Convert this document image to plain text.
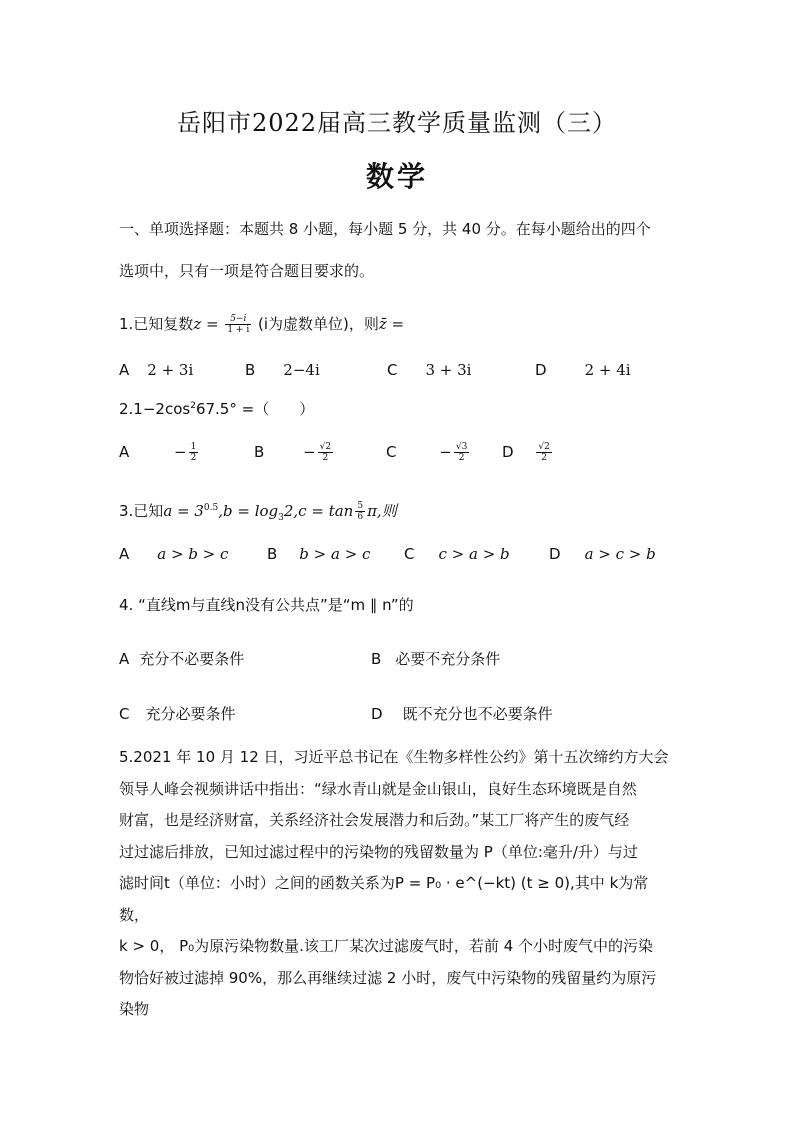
岳阳市2022届高三教学质量监测（三）
数学
一、单项选择题：本题共 8 小题，每小题 5 分，共 40 分。在每小题给出的四个
选项中，只有一项是符合题目要求的。
1.已知复数$z = \frac{5-i}{1 + i} (i$为虚数单位)，则z̄ =
A 2 + 3i	B 2−4i	C 3 + 3i	D	2 + 4i
$2.1-2\cos^267.5^\circ$ =（　　）
A	− $\frac{1}{2}$	B	− $\frac{√2}{2}$	C	− $\frac{√3}{2}$ D	$\frac{√2}{2}$
3.已知$a = 3^{0.5},b = \log_32,c = \tan \frac{5}{6} \pi$,则
A a > b > c	B b > a > c C c > a > b	D a > c > b
4. “直线m与直线n没有公共点”是“m ∥ n”的
A 充分不必要条件	B 必要不充分条件
C 充分必要条件	D 既不充分也不必要条件
5.2021 年 10 月 12 日，习近平总书记在《生物多样性公约》第十五次缔约方大会
领导人峰会视频讲话中指出：“绿水青山就是金山银山，良好生态环境既是自然
财富，也是经济财富，关系经济社会发展潜力和后劲。”某工厂将产生的废气经
过过滤后排放，已知过滤过程中的污染物的残留数量为 P（单位:毫升/升）与过
滤时间t（单位：小时）之间的函数关系为P = P₀ · e^(−kt) (t ≥ 0),其中 k为常数，
k > 0， P₀为原污染物数量.该工厂某次过滤废气时，若前 4 个小时废气中的污染
物恰好被过滤掉 90%，那么再继续过滤 2 小时，废气中污染物的残留量约为原污
染物
